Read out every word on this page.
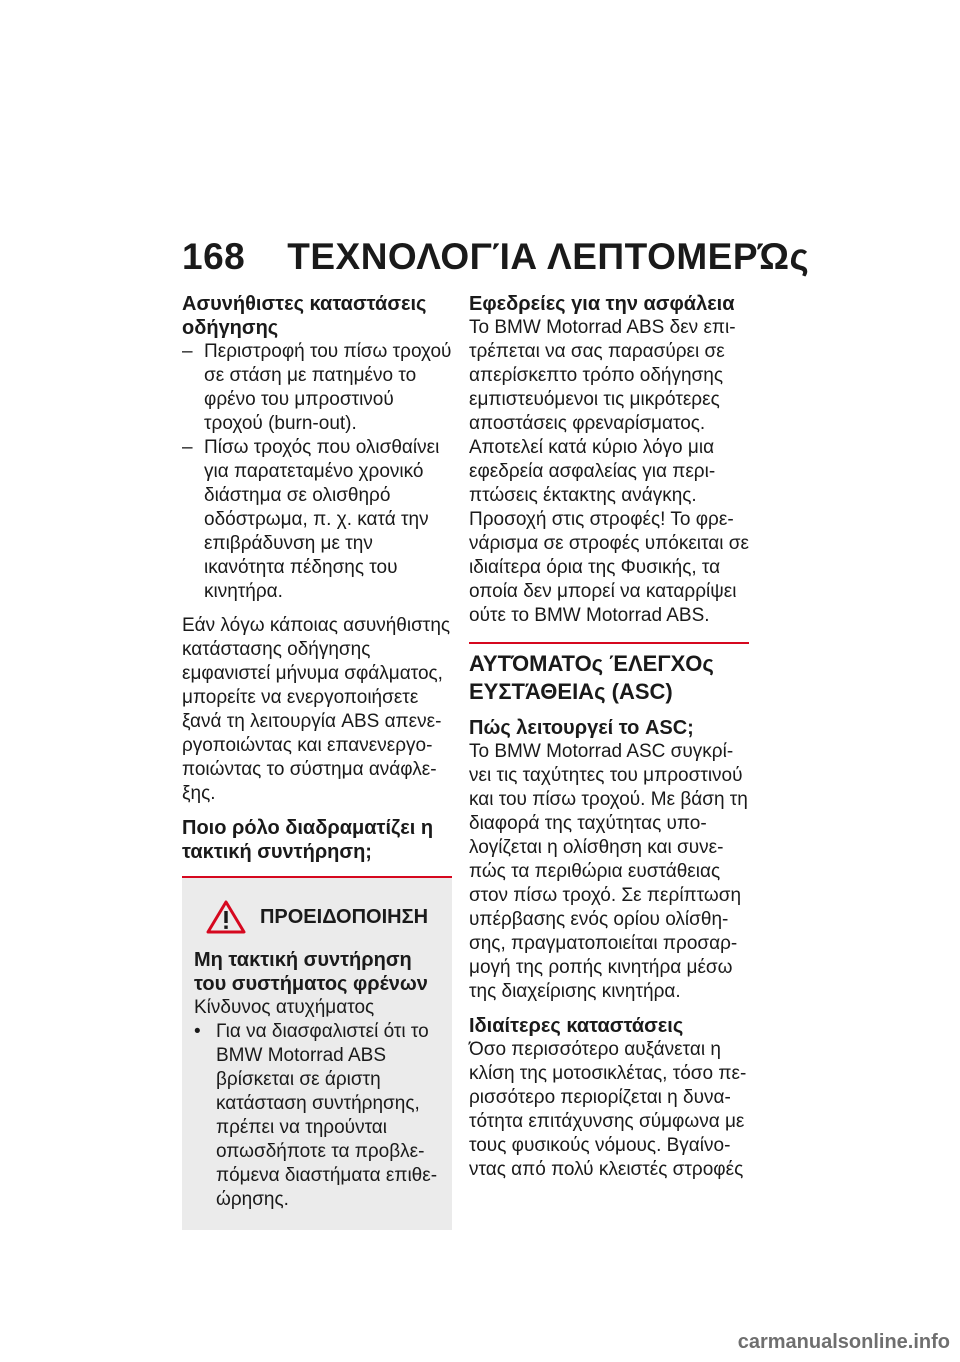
168 ΤΕΧΝΟΛΟΓΊΑ ΛΕΠΤΟΜΕΡΏς
Ασυνήθιστες καταστάσεις οδήγησης
– Περιστροφή του πίσω τροχού σε στάση με πατημένο το φρένο του μπροστινού τροχού (burn-out).
– Πίσω τροχός που ολισθαίνει για παρατεταμένο χρονικό διάστημα σε ολισθηρό οδόστρωμα, π. χ. κατά την επιβράδυνση με την ικανότητα πέδησης του κινητήρα.

Εάν λόγω κάποιας ασυνήθιστης κατάστασης οδήγησης εμφανιστεί μήνυμα σφάλματος, μπορείτε να ενεργοποιήσετε ξανά τη λειτουργία ABS απενεργοποιώντας και επανενεργοποιώντας το σύστημα ανάφλεξης.

Ποιο ρόλο διαδραματίζει η τακτική συντήρηση;
ΠΡΟΕΙΔΟΠΟΙΗΣΗ
Μη τακτική συντήρηση του συστήματος φρένων

Κίνδυνος ατυχήματος

• Για να διασφαλιστεί ότι το BMW Motorrad ABS βρίσκεται σε άριστη κατάσταση συντήρησης, πρέπει να τηρούνται οπωσδήποτε τα προβλεπόμενα διαστήματα επιθεώρησης.
Εφεδρείες για την ασφάλεια

Το BMW Motorrad ABS δεν επιτρέπεται να σας παρασύρει σε απερίσκεπτο τρόπο οδήγησης εμπιστευόμενοι τις μικρότερες αποστάσεις φρεναρίσματος. Αποτελεί κατά κύριο λόγο μια εφεδρεία ασφαλείας για περιπτώσεις έκτακτης ανάγκης. Προσοχή στις στροφές! Το φρενάρισμα σε στροφές υπόκειται σε ιδιαίτερα όρια της Φυσικής, τα οποία δεν μπορεί να καταρρίψει ούτε το BMW Motorrad ABS.

ΑΥΤΌΜΑΤΟς ΈΛΕΓΧΟς ΕΥΣΤΆΘΕΙΑς (ASC)
Πώς λειτουργεί το ASC;

Το BMW Motorrad ASC συγκρίνει τις ταχύτητες του μπροστινού και του πίσω τροχού. Με βάση τη διαφορά της ταχύτητας υπολογίζεται η ολίσθηση και συνεπώς τα περιθώρια ευστάθειας στον πίσω τροχό. Σε περίπτωση υπέρβασης ενός ορίου ολίσθησης, πραγματοποιείται προσαρμογή της ροπής κινητήρα μέσω της διαχείρισης κινητήρα.

Ιδιαίτερες καταστάσεις

Όσο περισσότερο αυξάνεται η κλίση της μοτοσικλέτας, τόσο περισσότερο περιορίζεται η δυνατότητα επιτάχυνσης σύμφωνα με τους φυσικούς νόμους. Βγαίνοντας από πολύ κλειστές στροφές

carmanualsonline.info
